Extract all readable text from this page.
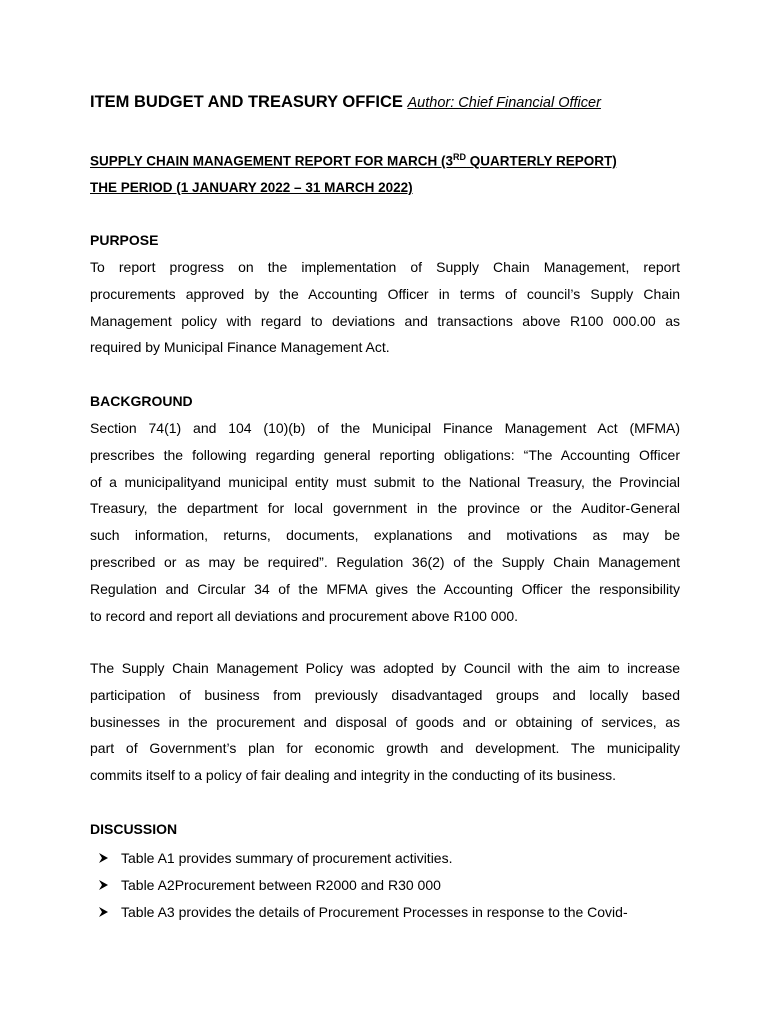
ITEM BUDGET AND TREASURY OFFICE Author: Chief Financial Officer
SUPPLY CHAIN MANAGEMENT REPORT FOR MARCH (3RD QUARTERLY REPORT)
THE PERIOD (1 JANUARY 2022 – 31 MARCH 2022)
PURPOSE
To report progress on the implementation of Supply Chain Management, report
procurements approved by the Accounting Officer in terms of council’s Supply Chain
Management policy with regard to deviations and transactions above R100 000.00 as
required by Municipal Finance Management Act.
BACKGROUND
Section 74(1) and 104 (10)(b) of the Municipal Finance Management Act (MFMA)
prescribes the following regarding general reporting obligations: “The Accounting Officer
of a municipalityand municipal entity must submit to the National Treasury, the Provincial
Treasury, the department for local government in the province or the Auditor-General
such information, returns, documents, explanations and motivations as may be
prescribed or as may be required”. Regulation 36(2) of the Supply Chain Management
Regulation and Circular 34 of the MFMA gives the Accounting Officer the responsibility
to record and report all deviations and procurement above R100 000.
The Supply Chain Management Policy was adopted by Council with the aim to increase
participation of business from previously disadvantaged groups and locally based
businesses in the procurement and disposal of goods and or obtaining of services, as
part of Government’s plan for economic growth and development. The municipality
commits itself to a policy of fair dealing and integrity in the conducting of its business.
DISCUSSION
Table A1 provides summary of procurement activities.
Table A2Procurement between R2000 and R30 000
Table A3 provides the details of Procurement Processes in response to the Covid-
